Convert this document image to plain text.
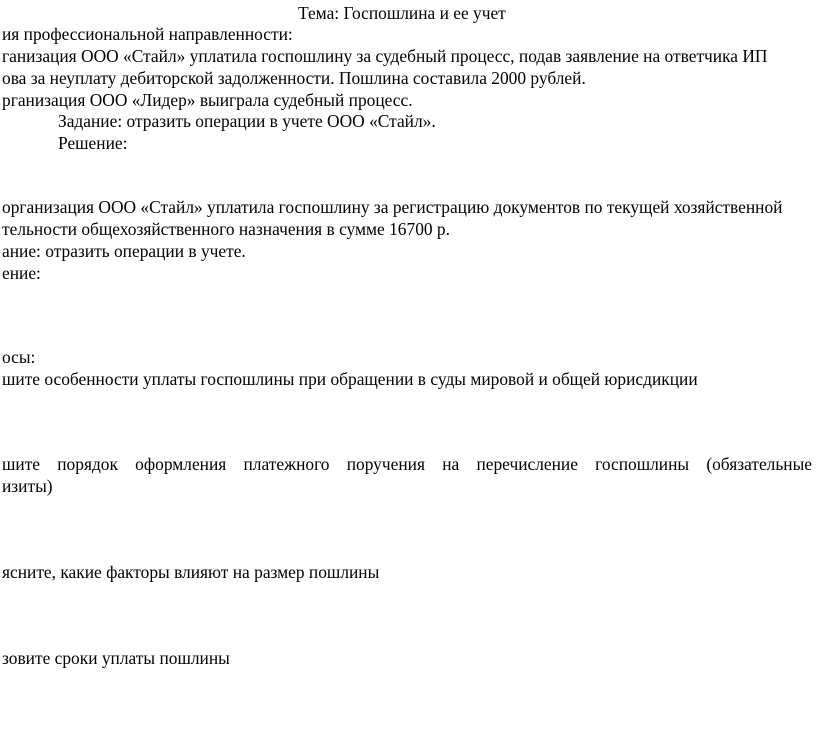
Тема: Госпошлина и ее учет

ия профессиональной направленности:

ганизация ООО «Стайл» уплатила госпошлину за судебный процесс, подав заявление на ответчика ИП

ова за неуплату дебиторской задолженности. Пошлина составила 2000 рублей.

рганизация ООО «Лидер» выиграла судебный процесс.

Задание: отразить операции в учете ООО «Стайл».

Решение:

организация ООО «Стайл» уплатила госпошлину за регистрацию документов по текущей хозяйственной

тельности общехозяйственного назначения в сумме 16700 р.

ание: отразить операции в учете.

ение:

осы:

шите особенности уплаты госпошлины при обращении в суды мировой и общей юрисдикции

шите порядок оформления платежного поручения на перечисление госпошлины (обязательные

изиты)

ясните, какие факторы влияют на размер пошлины

зовите сроки уплаты пошлины
